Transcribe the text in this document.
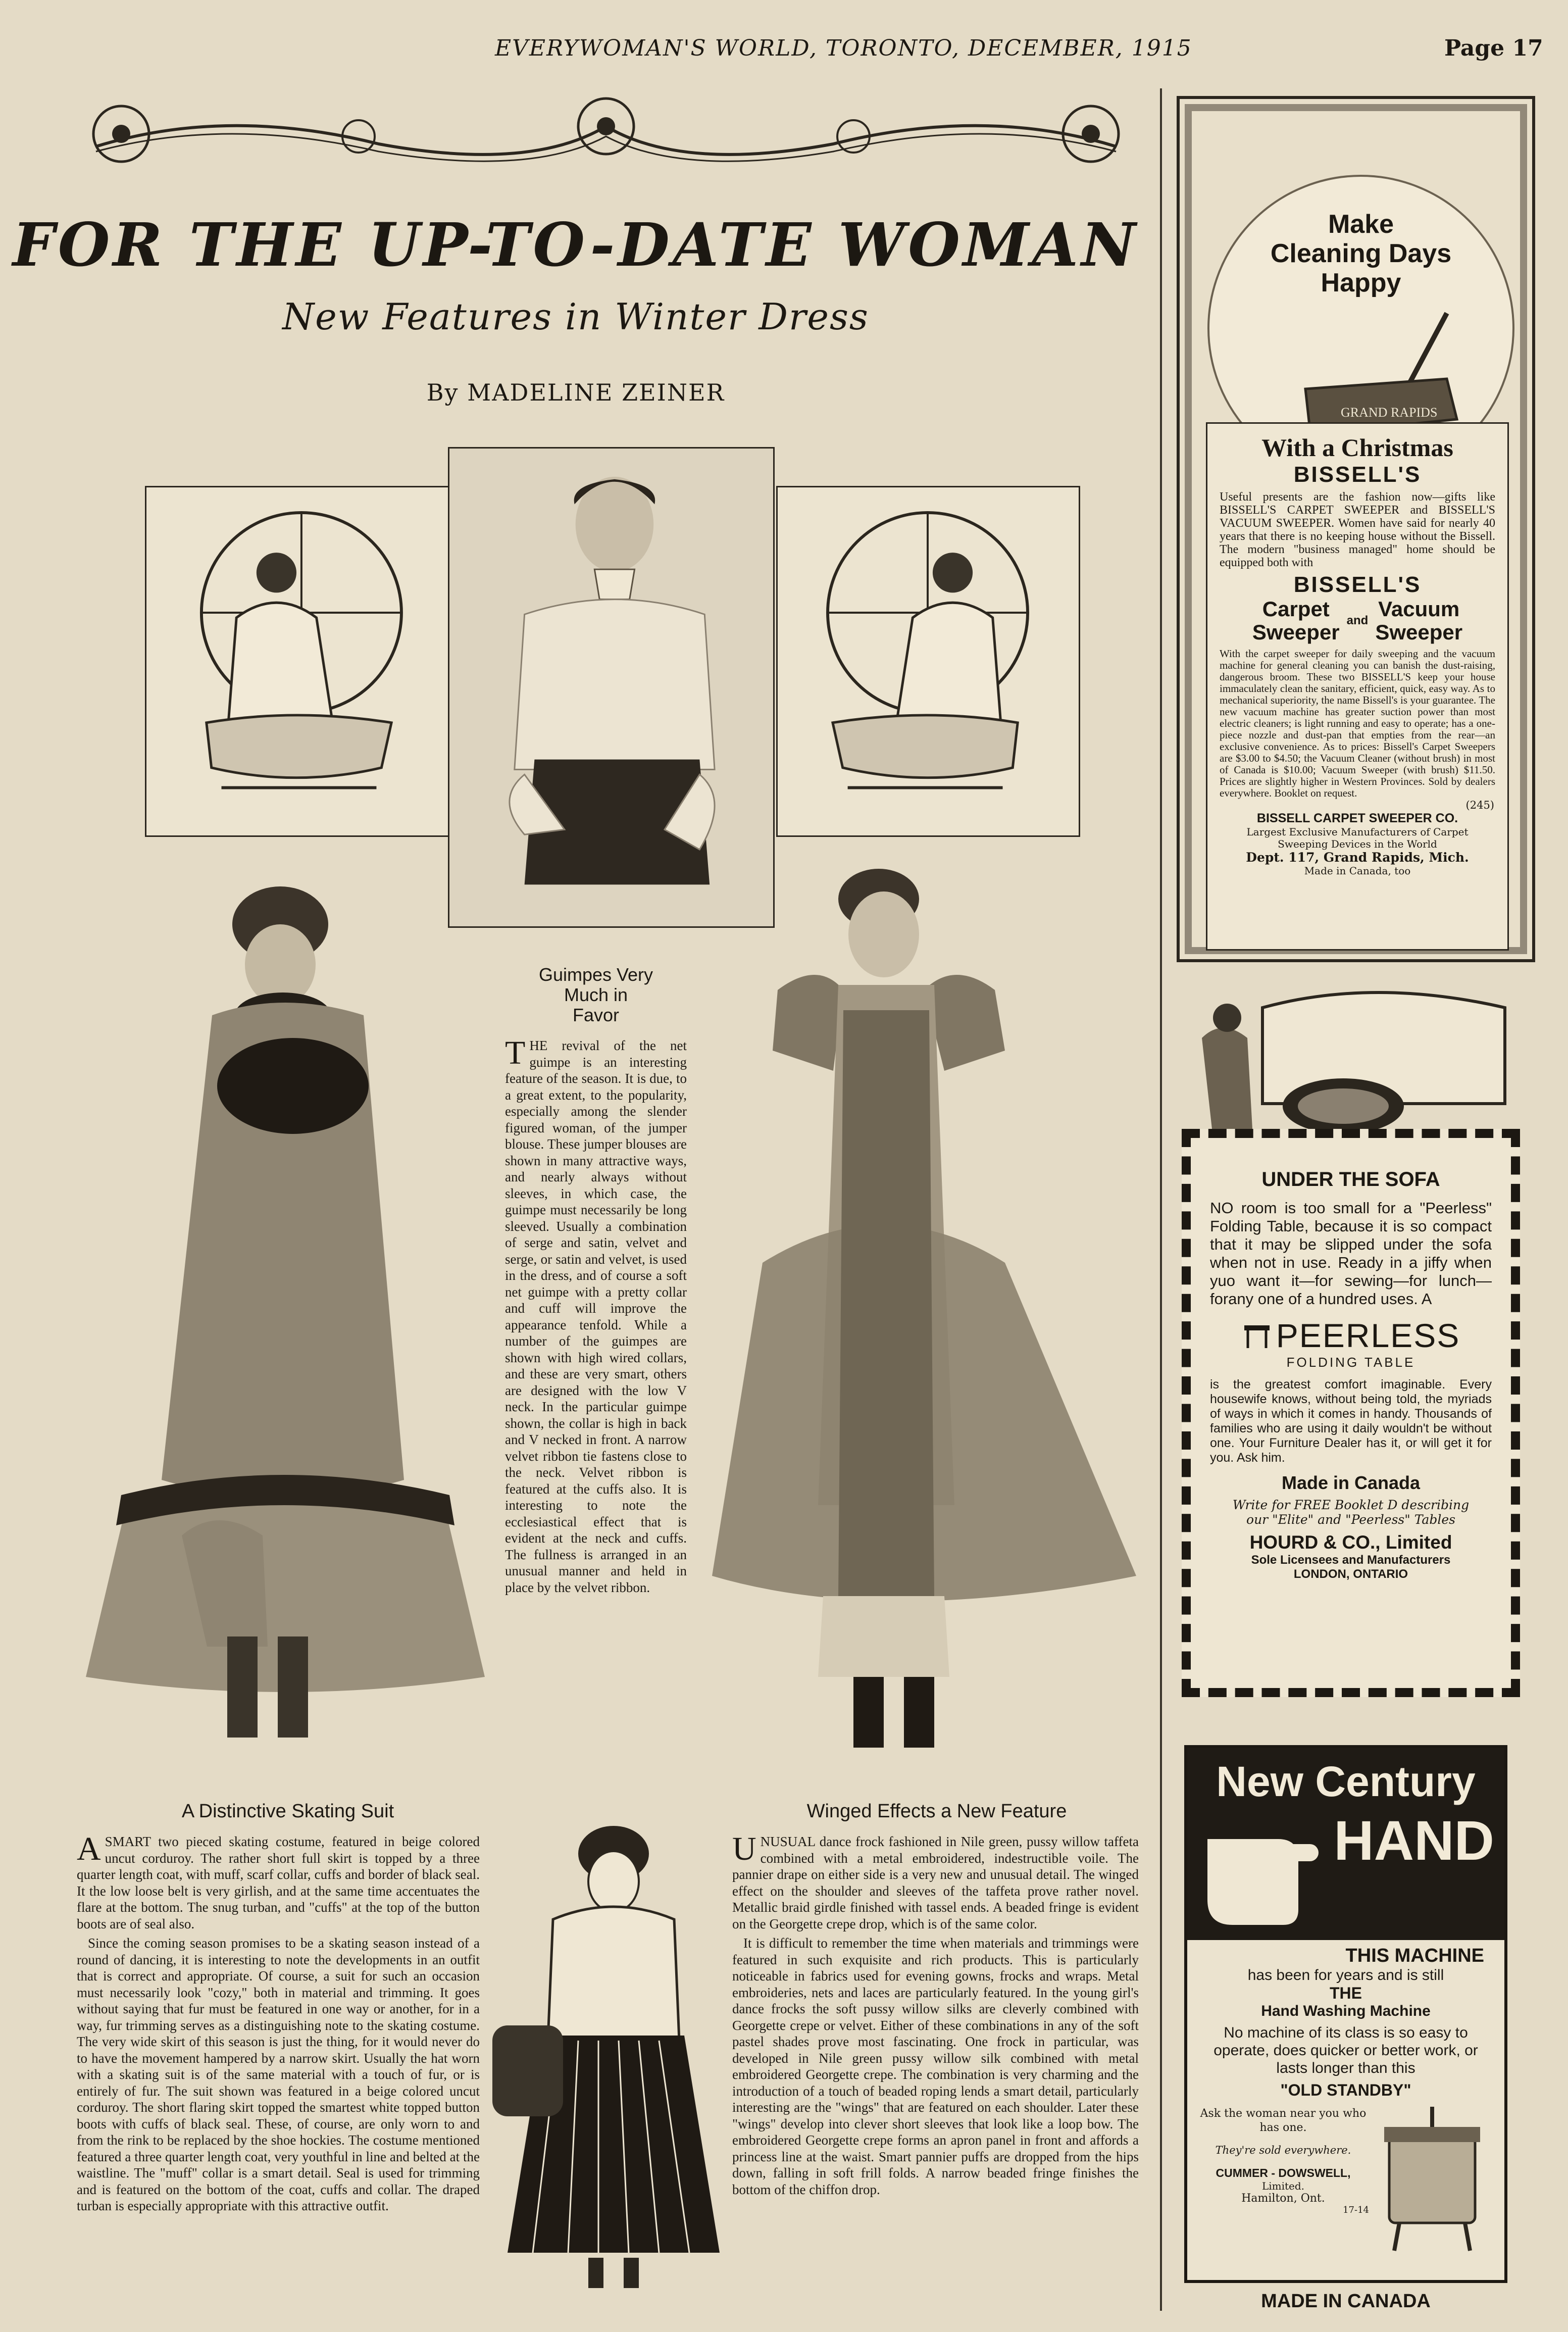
EVERYWOMAN'S WORLD, TORONTO, DECEMBER, 1915	Page 17
FOR THE UP-TO-DATE WOMAN
New Features in Winter Dress
By MADELINE ZEINER
Guimpes Very
Much in
Favor

THE revival of the net guimpe is an interesting feature of the season. It is due, to a great extent, to the popularity, especially among the slender figured woman, of the jumper blouse. These jumper blouses are shown in many attractive ways, and nearly always without sleeves, in which case, the guimpe must necessarily be long sleeved. Usually a combination of serge and satin, velvet and serge, or satin and velvet, is used in the dress, and of course a soft net guimpe with a pretty collar and cuff will improve the appearance tenfold. While a number of the guimpes are shown with high wired collars, and these are very smart, others are designed with the low V neck. In the particular guimpe shown, the collar is high in back and V necked in front. A narrow velvet ribbon tie fastens close to the neck. Velvet ribbon is featured at the cuffs also. It is interesting to note the ecclesiastical effect that is evident at the neck and cuffs. The fullness is arranged in an unusual manner and held in place by the velvet ribbon.

A Distinctive Skating Suit

ASMART two pieced skating costume, featured in beige colored uncut corduroy. The rather short full skirt is topped by a three quarter length coat, with muff, scarf collar, cuffs and border of black seal. It the low loose belt is very girlish, and at the same time accentuates the flare at the bottom. The snug turban, and "cuffs" at the top of the button boots are of seal also.

Since the coming season promises to be a skating season instead of a round of dancing, it is interesting to note the developments in an outfit that is correct and appropriate. Of course, a suit for such an occasion must necessarily look "cozy," both in material and trimming. It goes without saying that fur must be featured in one way or another, for in a way, fur trimming serves as a distinguishing note to the skating costume. The very wide skirt of this season is just the thing, for it would never do to have the movement hampered by a narrow skirt. Usually the hat worn with a skating suit is of the same material with a touch of fur, or is entirely of fur. The suit shown was featured in a beige colored uncut corduroy. The short flaring skirt topped the smartest white topped button boots with cuffs of black seal. These, of course, are only worn to and from the rink to be replaced by the shoe hockies. The costume mentioned featured a three quarter length coat, very youthful in line and belted at the waistline. The "muff" collar is a smart detail. Seal is used for trimming and is featured on the bottom of the coat, cuffs and collar. The draped turban is especially appropriate with this attractive outfit.

Winged Effects a New Feature

UNUSUAL dance frock fashioned in Nile green, pussy willow taffeta combined with a metal embroidered, indestructible voile. The pannier drape on either side is a very new and unusual detail. The winged effect on the shoulder and sleeves of the taffeta prove rather novel. Metallic braid girdle finished with tassel ends. A beaded fringe is evident on the Georgette crepe drop, which is of the same color.

It is difficult to remember the time when materials and trimmings were featured in such exquisite and rich products. This is particularly noticeable in fabrics used for evening gowns, frocks and wraps. Metal embroideries, nets and laces are particularly featured. In the young girl's dance frocks the soft pussy willow silks are cleverly combined with Georgette crepe or velvet. Either of these combinations in any of the soft pastel shades prove most fascinating. One frock in particular, was developed in Nile green pussy willow silk combined with metal embroidered Georgette crepe. The combination is very charming and the introduction of a touch of beaded roping lends a smart detail, particularly interesting are the "wings" that are featured on each shoulder. Later these "wings" develop into clever short sleeves that look like a loop bow. The embroidered Georgette crepe forms an apron panel in front and affords a princess line at the waist. Smart pannier puffs are dropped from the hips down, falling in soft frill folds. A narrow beaded fringe finishes the bottom of the chiffon drop.

Make
Cleaning Days
Happy
GRAND RAPIDS
With a Christmas
BISSELL'S

Useful presents are the fashion now—gifts like BISSELL'S CARPET SWEEPER and BISSELL'S VACUUM SWEEPER. Women have said for nearly 40 years that there is no keeping house without the Bissell. The modern "business managed" home should be equipped both with

BISSELL'S
Carpet
Sweeper and Vacuum
Sweeper

With the carpet sweeper for daily sweeping and the vacuum machine for general cleaning you can banish the dust-raising, dangerous broom. These two BISSELL'S keep your house immaculately clean the sanitary, efficient, quick, easy way. As to mechanical superiority, the name Bissell's is your guarantee. The new vacuum machine has greater suction power than most electric cleaners; is light running and easy to operate; has a one-piece nozzle and dust-pan that empties from the rear—an exclusive convenience. As to prices: Bissell's Carpet Sweepers are $3.00 to $4.50; the Vacuum Cleaner (without brush) in most of Canada is $10.00; Vacuum Sweeper (with brush) $11.50. Prices are slightly higher in Western Provinces. Sold by dealers everywhere. Booklet on request.

(245)
BISSELL CARPET SWEEPER CO.
Largest Exclusive Manufacturers of Carpet Sweeping Devices in the World
Dept. 117, Grand Rapids, Mich.
Made in Canada, too
UNDER THE SOFA

NO room is too small for a "Peerless" Folding Table, because it is so compact that it may be slipped under the sofa when not in use. Ready in a jiffy when yuo want it—for sewing—for lunch—forany one of a hundred uses. A

PEERLESS
FOLDING TABLE

is the greatest comfort imaginable. Every housewife knows, without being told, the myriads of ways in which it comes in handy. Thousands of families who are using it daily wouldn't be without one. Your Furniture Dealer has it, or will get it for you. Ask him.

Made in Canada
Write for FREE Booklet D describing our "Elite" and "Peerless" Tables
HOURD & CO., Limited
Sole Licensees and Manufacturers
LONDON, ONTARIO
New Century
HAND
THIS MACHINE
has been for years and is still
THE
Hand Washing Machine

No machine of its class is so easy to operate, does quicker or better work, or lasts longer than this

"OLD STANDBY"
Ask the woman near you who has one.
They're sold everywhere.
CUMMER - DOWSWELL,
Limited.
Hamilton, Ont.
17-14
MADE IN CANADA
